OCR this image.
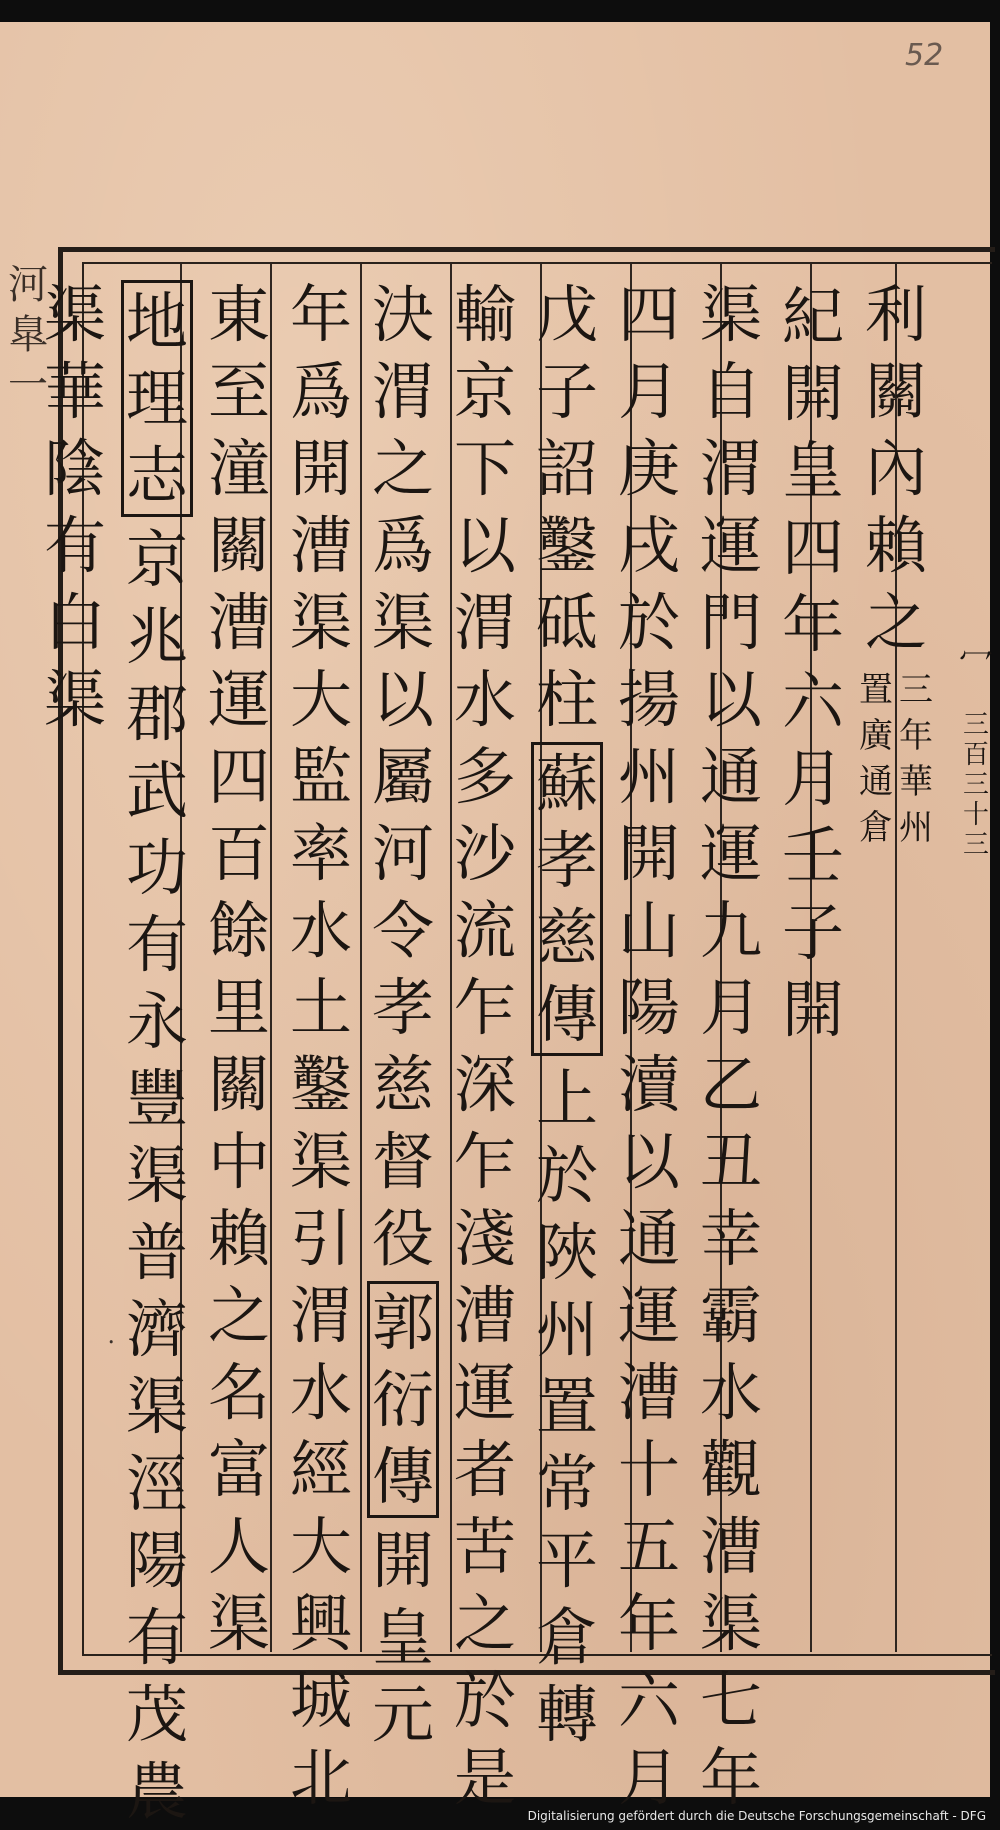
52
河
臯
一
利
關
內
賴
之
三
年
華
州
置
廣
通
倉
紀
開
皇
四
年
六
月
壬
子
開
渠
自
渭
運
門
以
通
運
九
月
乙
丑
幸
霸
水
觀
漕
渠
七
年
四
月
庚
戌
於
揚
州
開
山
陽
瀆
以
通
運
漕
十
五
年
六
月
戊
子
詔
鑿
砥
柱
蘇
孝
慈
傳
上
於
陜
州
置
常
平
倉
轉
輸
京
下
以
渭
水
多
沙
流
乍
深
乍
淺
漕
運
者
苦
之
於
是
決
渭
之
爲
渠
以
屬
河
令
孝
慈
督
役
郭
衍
傳
開
皇
元
年
爲
開
漕
渠
大
監
率
水
土
鑿
渠
引
渭
水
經
大
興
城
北
東
至
潼
關
漕
運
四
百
餘
里
關
中
賴
之
名
富
人
渠
地
理
志
京
兆
郡
武
功
有
永
豐
渠
普
濟
渠
涇
陽
有
茂
農
渠
華
陰
有
白
渠
冖
三
百
三
十
三
⸱
Digitalisierung gefördert durch die Deutsche Forschungsgemeinschaft - DFG
